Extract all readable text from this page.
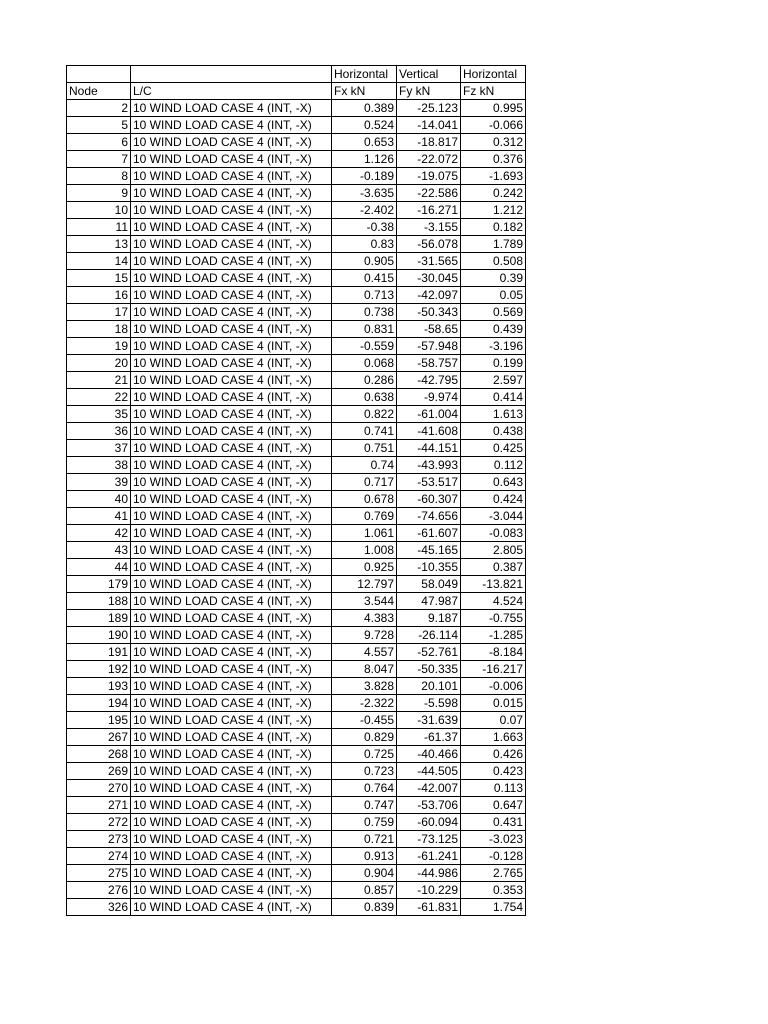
		Horizontal	Vertical	Horizontal
Node	L/C	Fx kN	Fy kN	Fz kN
2	10 WIND LOAD CASE 4 (INT, -X)	0.389	-25.123	0.995
5	10 WIND LOAD CASE 4 (INT, -X)	0.524	-14.041	-0.066
6	10 WIND LOAD CASE 4 (INT, -X)	0.653	-18.817	0.312
7	10 WIND LOAD CASE 4 (INT, -X)	1.126	-22.072	0.376
8	10 WIND LOAD CASE 4 (INT, -X)	-0.189	-19.075	-1.693
9	10 WIND LOAD CASE 4 (INT, -X)	-3.635	-22.586	0.242
10	10 WIND LOAD CASE 4 (INT, -X)	-2.402	-16.271	1.212
11	10 WIND LOAD CASE 4 (INT, -X)	-0.38	-3.155	0.182
13	10 WIND LOAD CASE 4 (INT, -X)	0.83	-56.078	1.789
14	10 WIND LOAD CASE 4 (INT, -X)	0.905	-31.565	0.508
15	10 WIND LOAD CASE 4 (INT, -X)	0.415	-30.045	0.39
16	10 WIND LOAD CASE 4 (INT, -X)	0.713	-42.097	0.05
17	10 WIND LOAD CASE 4 (INT, -X)	0.738	-50.343	0.569
18	10 WIND LOAD CASE 4 (INT, -X)	0.831	-58.65	0.439
19	10 WIND LOAD CASE 4 (INT, -X)	-0.559	-57.948	-3.196
20	10 WIND LOAD CASE 4 (INT, -X)	0.068	-58.757	0.199
21	10 WIND LOAD CASE 4 (INT, -X)	0.286	-42.795	2.597
22	10 WIND LOAD CASE 4 (INT, -X)	0.638	-9.974	0.414
35	10 WIND LOAD CASE 4 (INT, -X)	0.822	-61.004	1.613
36	10 WIND LOAD CASE 4 (INT, -X)	0.741	-41.608	0.438
37	10 WIND LOAD CASE 4 (INT, -X)	0.751	-44.151	0.425
38	10 WIND LOAD CASE 4 (INT, -X)	0.74	-43.993	0.112
39	10 WIND LOAD CASE 4 (INT, -X)	0.717	-53.517	0.643
40	10 WIND LOAD CASE 4 (INT, -X)	0.678	-60.307	0.424
41	10 WIND LOAD CASE 4 (INT, -X)	0.769	-74.656	-3.044
42	10 WIND LOAD CASE 4 (INT, -X)	1.061	-61.607	-0.083
43	10 WIND LOAD CASE 4 (INT, -X)	1.008	-45.165	2.805
44	10 WIND LOAD CASE 4 (INT, -X)	0.925	-10.355	0.387
179	10 WIND LOAD CASE 4 (INT, -X)	12.797	58.049	-13.821
188	10 WIND LOAD CASE 4 (INT, -X)	3.544	47.987	4.524
189	10 WIND LOAD CASE 4 (INT, -X)	4.383	9.187	-0.755
190	10 WIND LOAD CASE 4 (INT, -X)	9.728	-26.114	-1.285
191	10 WIND LOAD CASE 4 (INT, -X)	4.557	-52.761	-8.184
192	10 WIND LOAD CASE 4 (INT, -X)	8.047	-50.335	-16.217
193	10 WIND LOAD CASE 4 (INT, -X)	3.828	20.101	-0.006
194	10 WIND LOAD CASE 4 (INT, -X)	-2.322	-5.598	0.015
195	10 WIND LOAD CASE 4 (INT, -X)	-0.455	-31.639	0.07
267	10 WIND LOAD CASE 4 (INT, -X)	0.829	-61.37	1.663
268	10 WIND LOAD CASE 4 (INT, -X)	0.725	-40.466	0.426
269	10 WIND LOAD CASE 4 (INT, -X)	0.723	-44.505	0.423
270	10 WIND LOAD CASE 4 (INT, -X)	0.764	-42.007	0.113
271	10 WIND LOAD CASE 4 (INT, -X)	0.747	-53.706	0.647
272	10 WIND LOAD CASE 4 (INT, -X)	0.759	-60.094	0.431
273	10 WIND LOAD CASE 4 (INT, -X)	0.721	-73.125	-3.023
274	10 WIND LOAD CASE 4 (INT, -X)	0.913	-61.241	-0.128
275	10 WIND LOAD CASE 4 (INT, -X)	0.904	-44.986	2.765
276	10 WIND LOAD CASE 4 (INT, -X)	0.857	-10.229	0.353
326	10 WIND LOAD CASE 4 (INT, -X)	0.839	-61.831	1.754
